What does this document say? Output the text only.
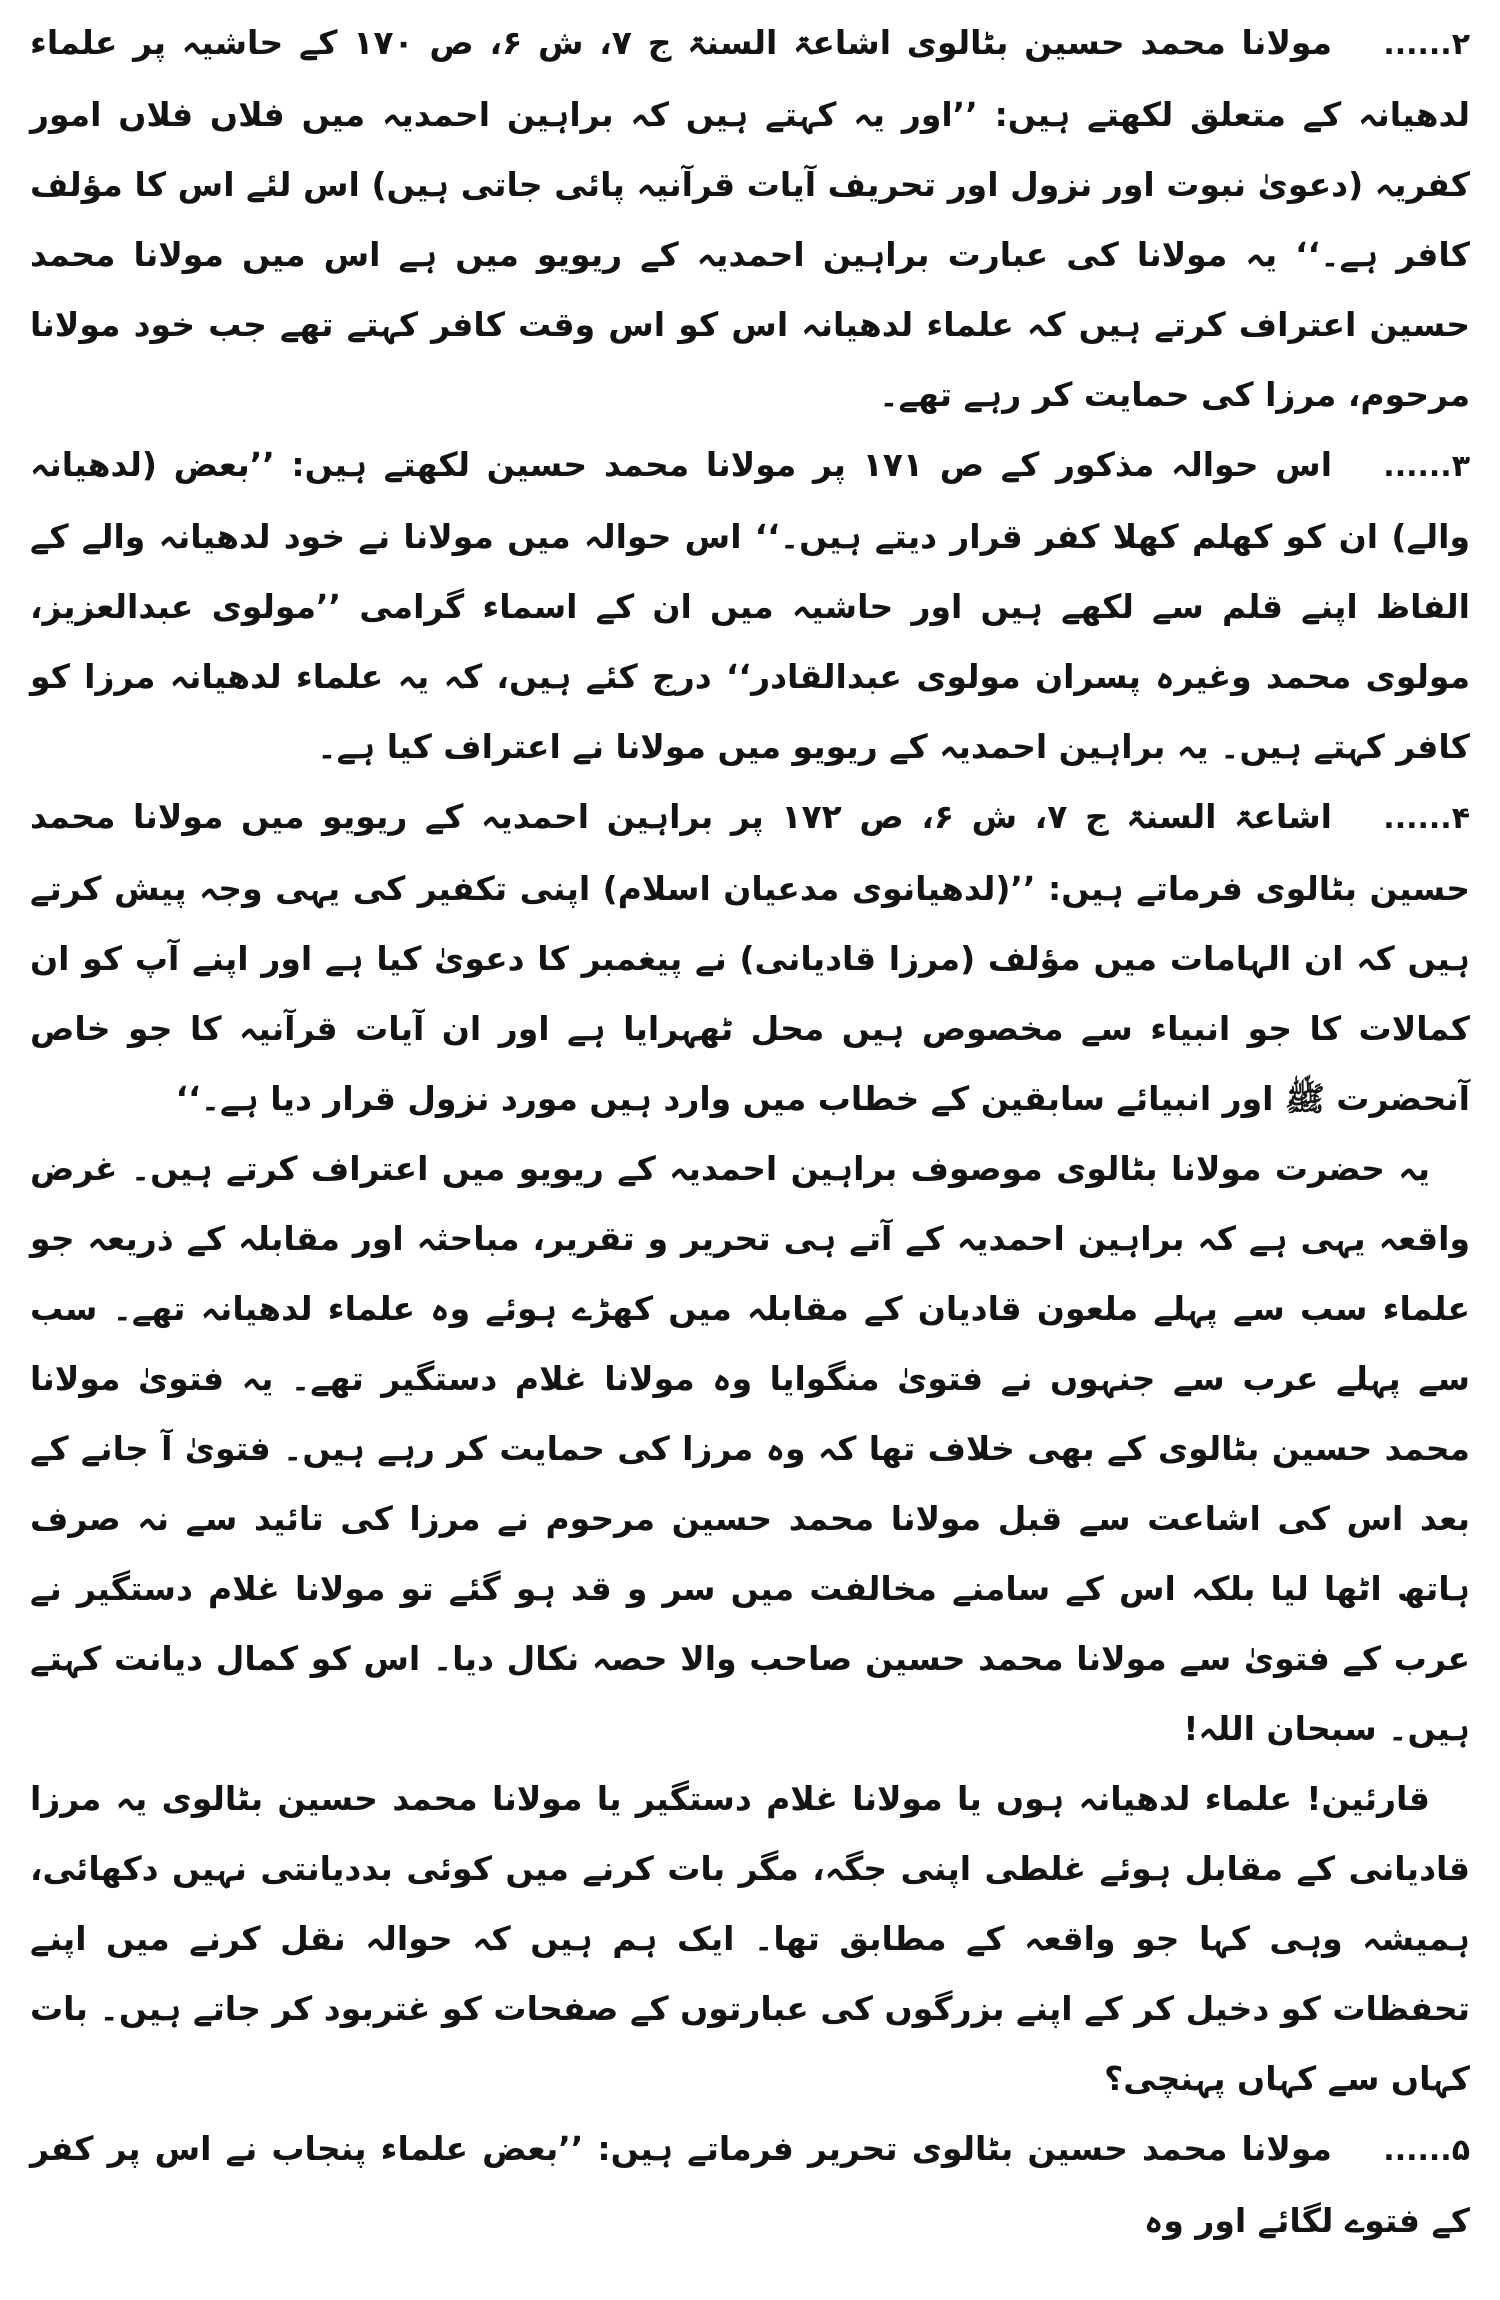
۲......مولانا محمد حسین بٹالوی اشاعۃ السنۃ ج ۷، ش ۶، ص ۱۷۰ کے حاشیہ پر علماء لدھیانہ کے متعلق لکھتے ہیں: ’’اور یہ کہتے ہیں کہ براہین احمدیہ میں فلاں فلاں امور کفریہ (دعویٰ نبوت اور نزول اور تحریف آیات قرآنیہ پائی جاتی ہیں) اس لئے اس کا مؤلف کافر ہے۔‘‘ یہ مولانا کی عبارت براہین احمدیہ کے ریویو میں ہے اس میں مولانا محمد حسین اعتراف کرتے ہیں کہ علماء لدھیانہ اس کو اس وقت کافر کہتے تھے جب خود مولانا مرحوم، مرزا کی حمایت کر رہے تھے۔

۳......اس حوالہ مذکور کے ص ۱۷۱ پر مولانا محمد حسین لکھتے ہیں: ’’بعض (لدھیانہ والے) ان کو کھلم کھلا کفر قرار دیتے ہیں۔‘‘ اس حوالہ میں مولانا نے خود لدھیانہ والے کے الفاظ اپنے قلم سے لکھے ہیں اور حاشیہ میں ان کے اسماء گرامی ’’مولوی عبدالعزیز، مولوی محمد وغیرہ پسران مولوی عبدالقادر‘‘ درج کئے ہیں، کہ یہ علماء لدھیانہ مرزا کو کافر کہتے ہیں۔ یہ براہین احمدیہ کے ریویو میں مولانا نے اعتراف کیا ہے۔

۴......اشاعۃ السنۃ ج ۷، ش ۶، ص ۱۷۲ پر براہین احمدیہ کے ریویو میں مولانا محمد حسین بٹالوی فرماتے ہیں: ’’(لدھیانوی مدعیان اسلام) اپنی تکفیر کی یہی وجہ پیش کرتے ہیں کہ ان الہامات میں مؤلف (مرزا قادیانی) نے پیغمبر کا دعویٰ کیا ہے اور اپنے آپ کو ان کمالات کا جو انبیاء سے مخصوص ہیں محل ٹھہرایا ہے اور ان آیات قرآنیہ کا جو خاص آنحضرت ﷺ اور انبیائے سابقین کے خطاب میں وارد ہیں مورد نزول قرار دیا ہے۔‘‘

یہ حضرت مولانا بٹالوی موصوف براہین احمدیہ کے ریویو میں اعتراف کرتے ہیں۔ غرض واقعہ یہی ہے کہ براہین احمدیہ کے آتے ہی تحریر و تقریر، مباحثہ اور مقابلہ کے ذریعہ جو علماء سب سے پہلے ملعون قادیان کے مقابلہ میں کھڑے ہوئے وہ علماء لدھیانہ تھے۔ سب سے پہلے عرب سے جنہوں نے فتویٰ منگوایا وہ مولانا غلام دستگیر تھے۔ یہ فتویٰ مولانا محمد حسین بٹالوی کے بھی خلاف تھا کہ وہ مرزا کی حمایت کر رہے ہیں۔ فتویٰ آ جانے کے بعد اس کی اشاعت سے قبل مولانا محمد حسین مرحوم نے مرزا کی تائید سے نہ صرف ہاتھ اٹھا لیا بلکہ اس کے سامنے مخالفت میں سر و قد ہو گئے تو مولانا غلام دستگیر نے عرب کے فتویٰ سے مولانا محمد حسین صاحب والا حصہ نکال دیا۔ اس کو کمال دیانت کہتے ہیں۔ سبحان اللہ!

قارئین! علماء لدھیانہ ہوں یا مولانا غلام دستگیر یا مولانا محمد حسین بٹالوی یہ مرزا قادیانی کے مقابل ہوئے غلطی اپنی جگہ، مگر بات کرنے میں کوئی بددیانتی نہیں دکھائی، ہمیشہ وہی کہا جو واقعہ کے مطابق تھا۔ ایک ہم ہیں کہ حوالہ نقل کرنے میں اپنے تحفظات کو دخیل کر کے اپنے بزرگوں کی عبارتوں کے صفحات کو غتربود کر جاتے ہیں۔ بات کہاں سے کہاں پہنچی؟

۵......مولانا محمد حسین بٹالوی تحریر فرماتے ہیں: ’’بعض علماء پنجاب نے اس پر کفر کے فتوے لگائے اور وہ
